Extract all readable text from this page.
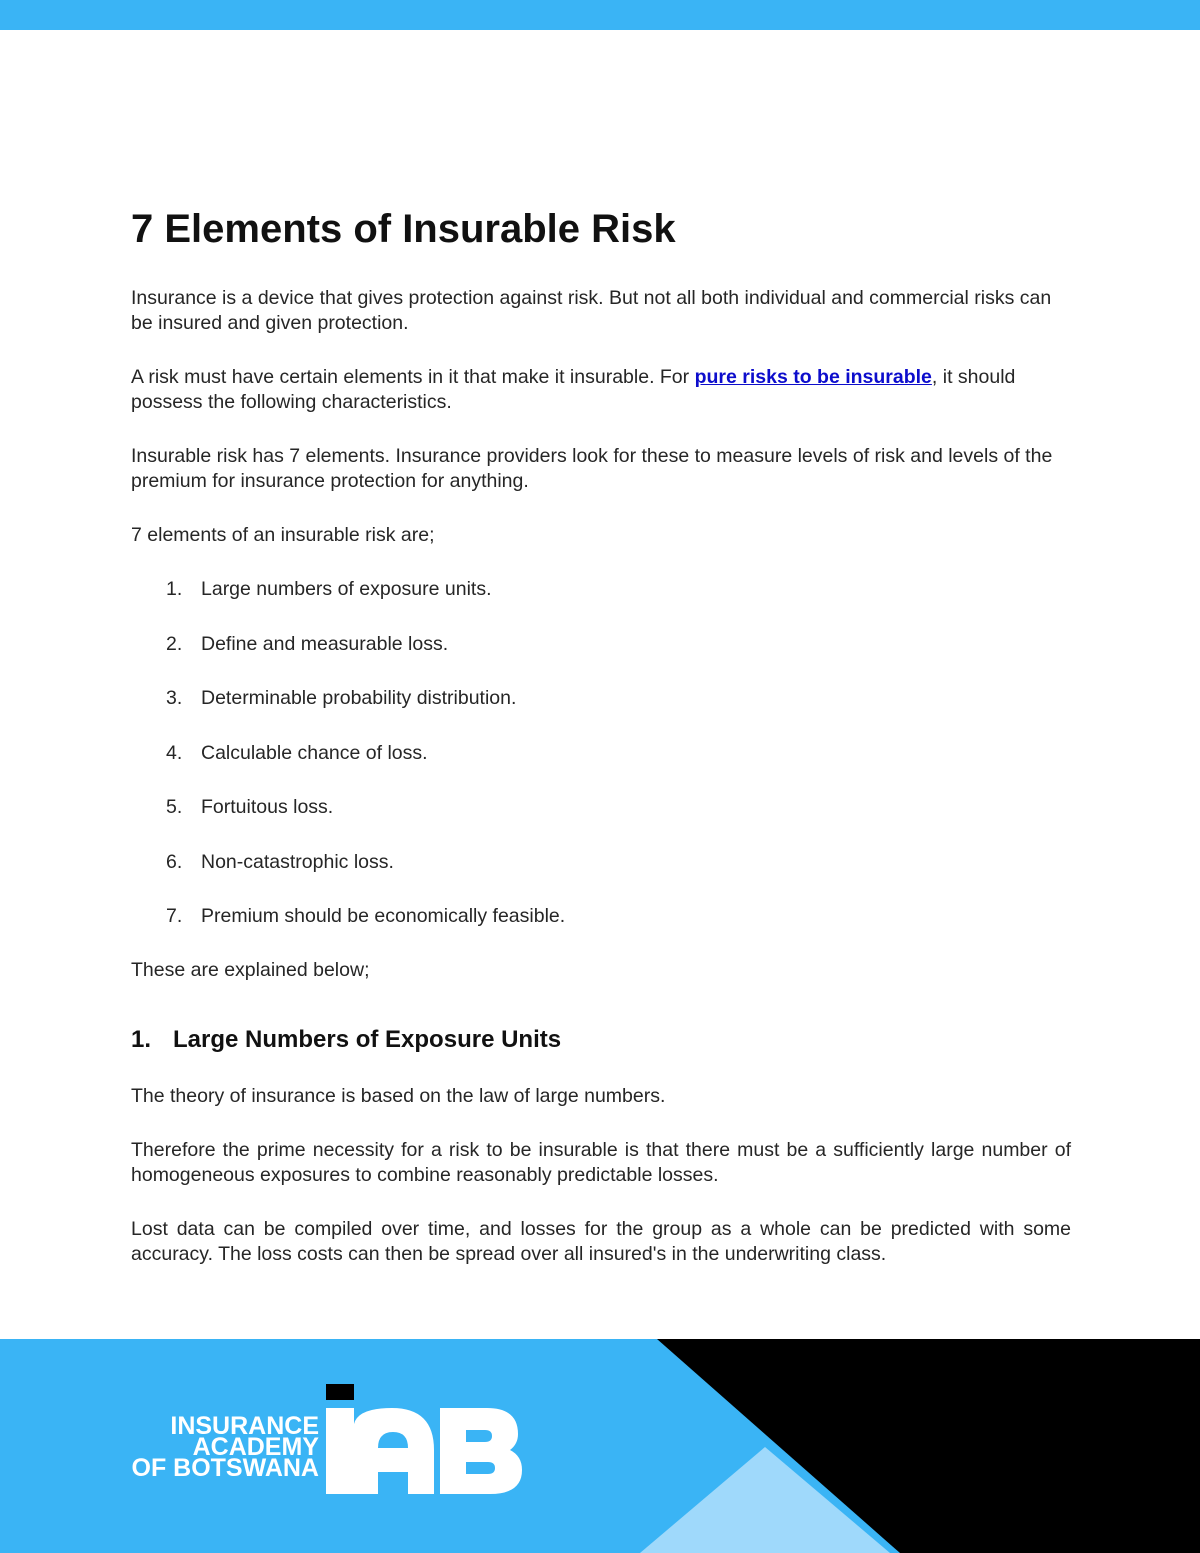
7 Elements of Insurable Risk

Insurance is a device that gives protection against risk. But not all both individual and commercial risks can be insured and given protection.

A risk must have certain elements in it that make it insurable. For pure risks to be insurable, it should possess the following characteristics.

Insurable risk has 7 elements. Insurance providers look for these to measure levels of risk and levels of the premium for insurance protection for anything.

7 elements of an insurable risk are;

1. Large numbers of exposure units.
2. Define and measurable loss.
3. Determinable probability distribution.
4. Calculable chance of loss.
5. Fortuitous loss.
6. Non-catastrophic loss.
7. Premium should be economically feasible.

These are explained below;

1. Large Numbers of Exposure Units

The theory of insurance is based on the law of large numbers.

Therefore the prime necessity for a risk to be insurable is that there must be a sufficiently large number of homogeneous exposures to combine reasonably predictable losses.

Lost data can be compiled over time, and losses for the group as a whole can be predicted with some accuracy. The loss costs can then be spread over all insured's in the underwriting class.

INSURANCE
ACADEMY
OF BOTSWANA
